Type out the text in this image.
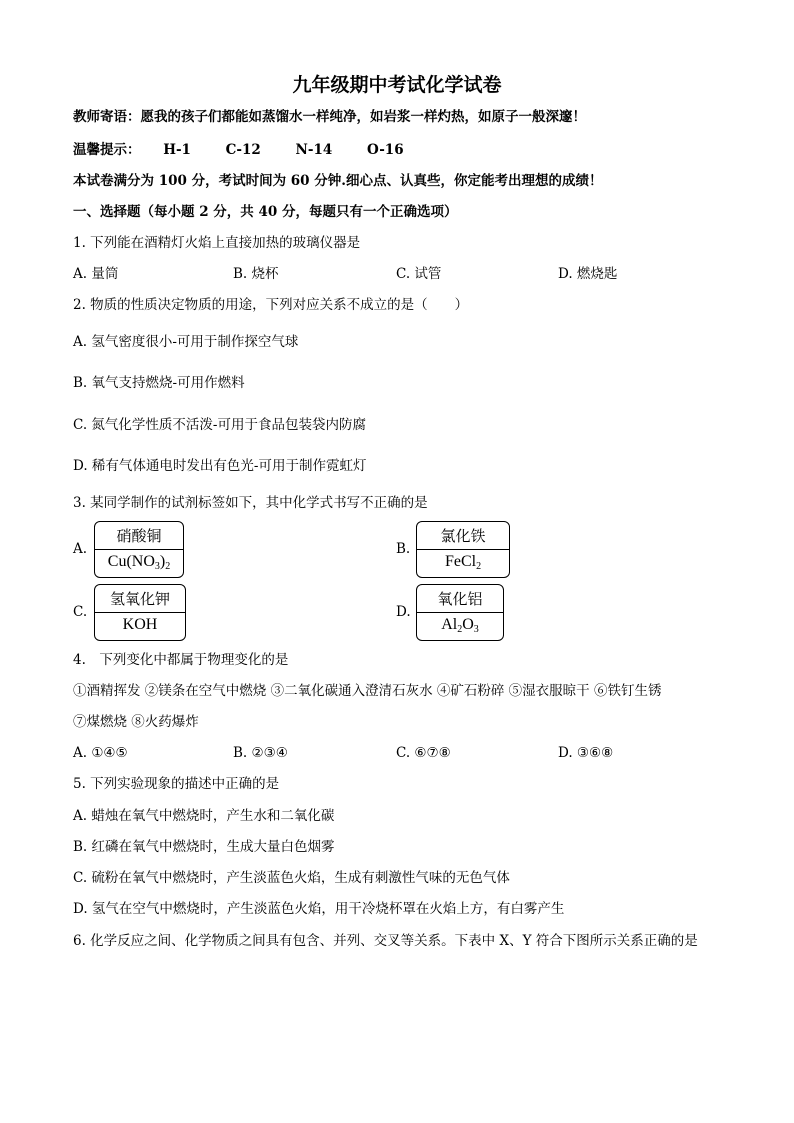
九年级期中考试化学试卷
教师寄语：愿我的孩子们都能如蒸馏水一样纯净，如岩浆一样灼热，如原子一般深邃！
温馨提示： H-1	C-12	N-14	O-16
本试卷满分为 100 分，考试时间为 60 分钟.细心点、认真些，你定能考出理想的成绩！
一、选择题（每小题 2 分，共 40 分，每题只有一个正确选项）
1. 下列能在酒精灯火焰上直接加热的玻璃仪器是
A. 量筒	B. 烧杯	C. 试管	D. 燃烧匙
2. 物质的性质决定物质的用途，下列对应关系不成立的是（　　）
A. 氢气密度很小-可用于制作探空气球
B. 氧气支持燃烧-可用作燃料
C. 氮气化学性质不活泼-可用于食品包装袋内防腐
D. 稀有气体通电时发出有色光-可用于制作霓虹灯
3. 某同学制作的试剂标签如下，其中化学式书写不正确的是
A.
硝酸铜
$Cu(NO_3)_2$
B.
氯化铁
FeCl$_2$
C.
氢氧化钾
KOH
D.
氧化铝
$Al_2O_3$
4.　下列变化中都属于物理变化的是
①酒精挥发 ②镁条在空气中燃烧 ③二氧化碳通入澄清石灰水 ④矿石粉碎 ⑤湿衣服晾干 ⑥铁钉生锈
⑦煤燃烧 ⑧火药爆炸
A. ①④⑤	B. ②③④	C. ⑥⑦⑧	D. ③⑥⑧
5. 下列实验现象的描述中正确的是
A. 蜡烛在氧气中燃烧时，产生水和二氧化碳
B. 红磷在氧气中燃烧时，生成大量白色烟雾
C. 硫粉在氧气中燃烧时，产生淡蓝色火焰，生成有刺激性气味的无色气体
D. 氢气在空气中燃烧时，产生淡蓝色火焰，用干冷烧杯罩在火焰上方，有白雾产生
6. 化学反应之间、化学物质之间具有包含、并列、交叉等关系。下表中 X、Y 符合下图所示关系正确的是
